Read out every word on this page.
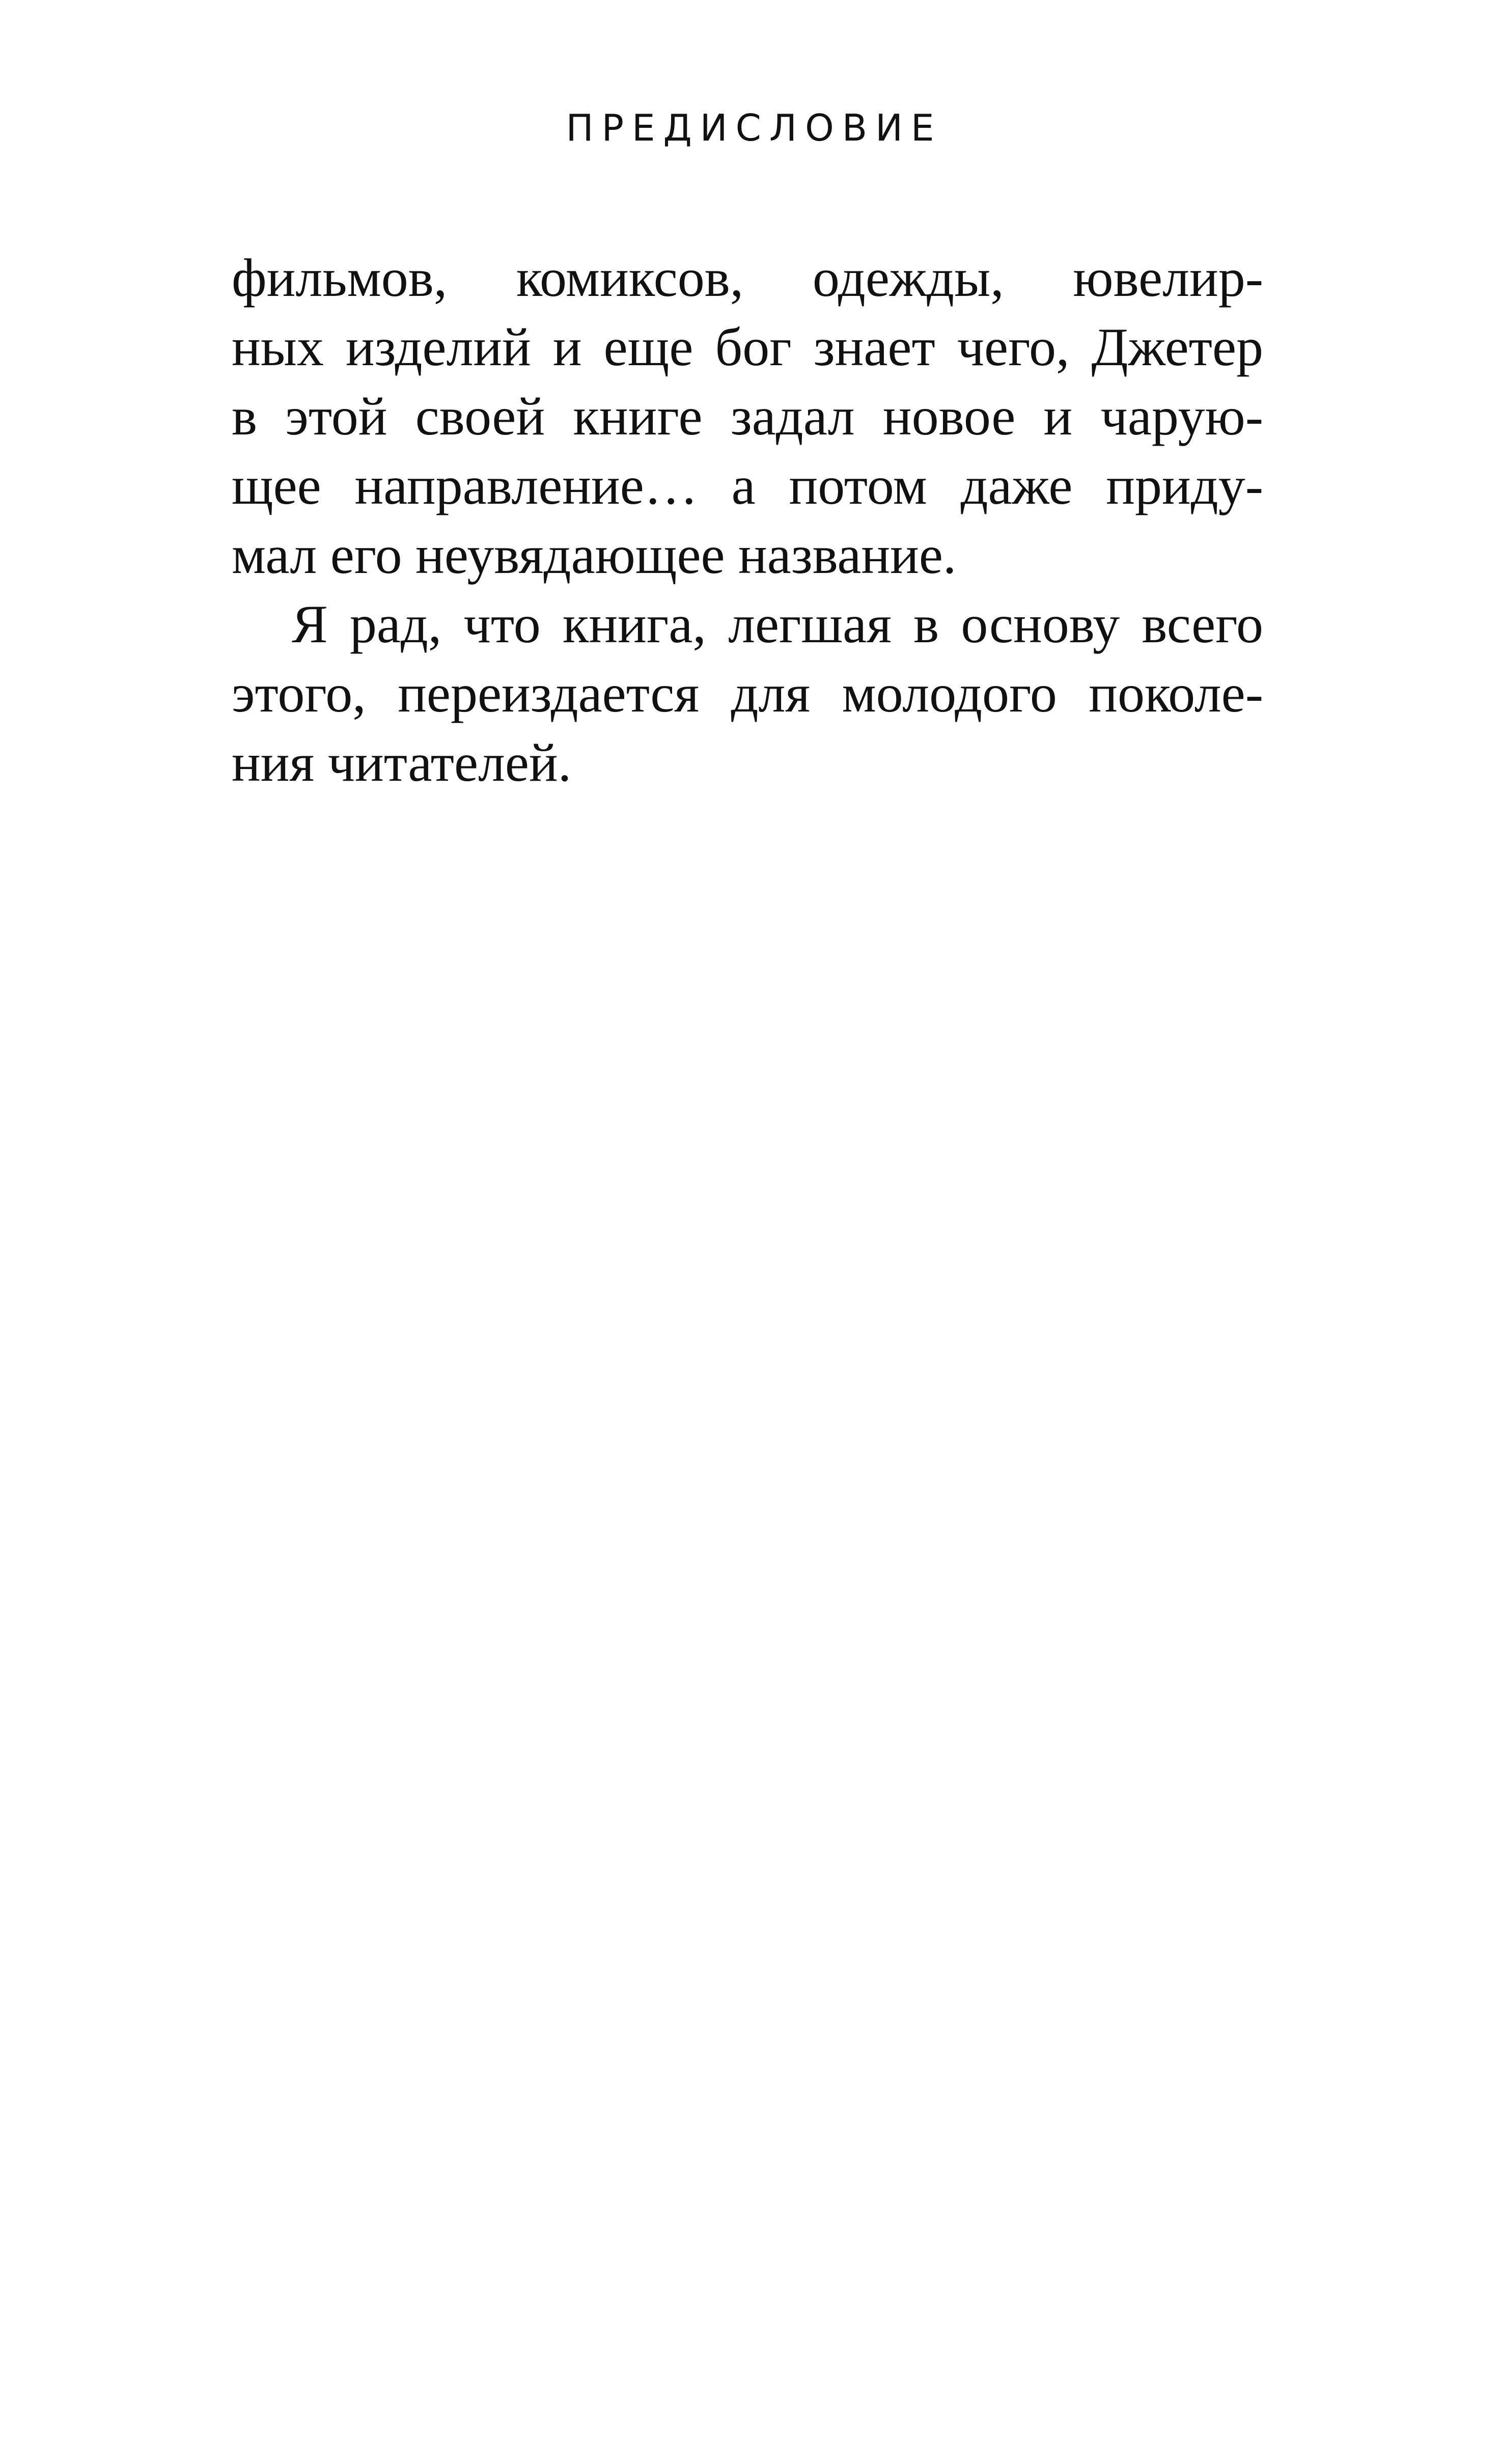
ПРЕДИСЛОВИЕ
фильмов, комиксов, одежды, ювелир-
ных изделий и еще бог знает чего, Джетер
в этой своей книге задал новое и чарую-
щее направление… а потом даже приду-
мал его неувядающее название.
Я рад, что книга, легшая в основу всего
этого, переиздается для молодого поколе-
ния читателей.
